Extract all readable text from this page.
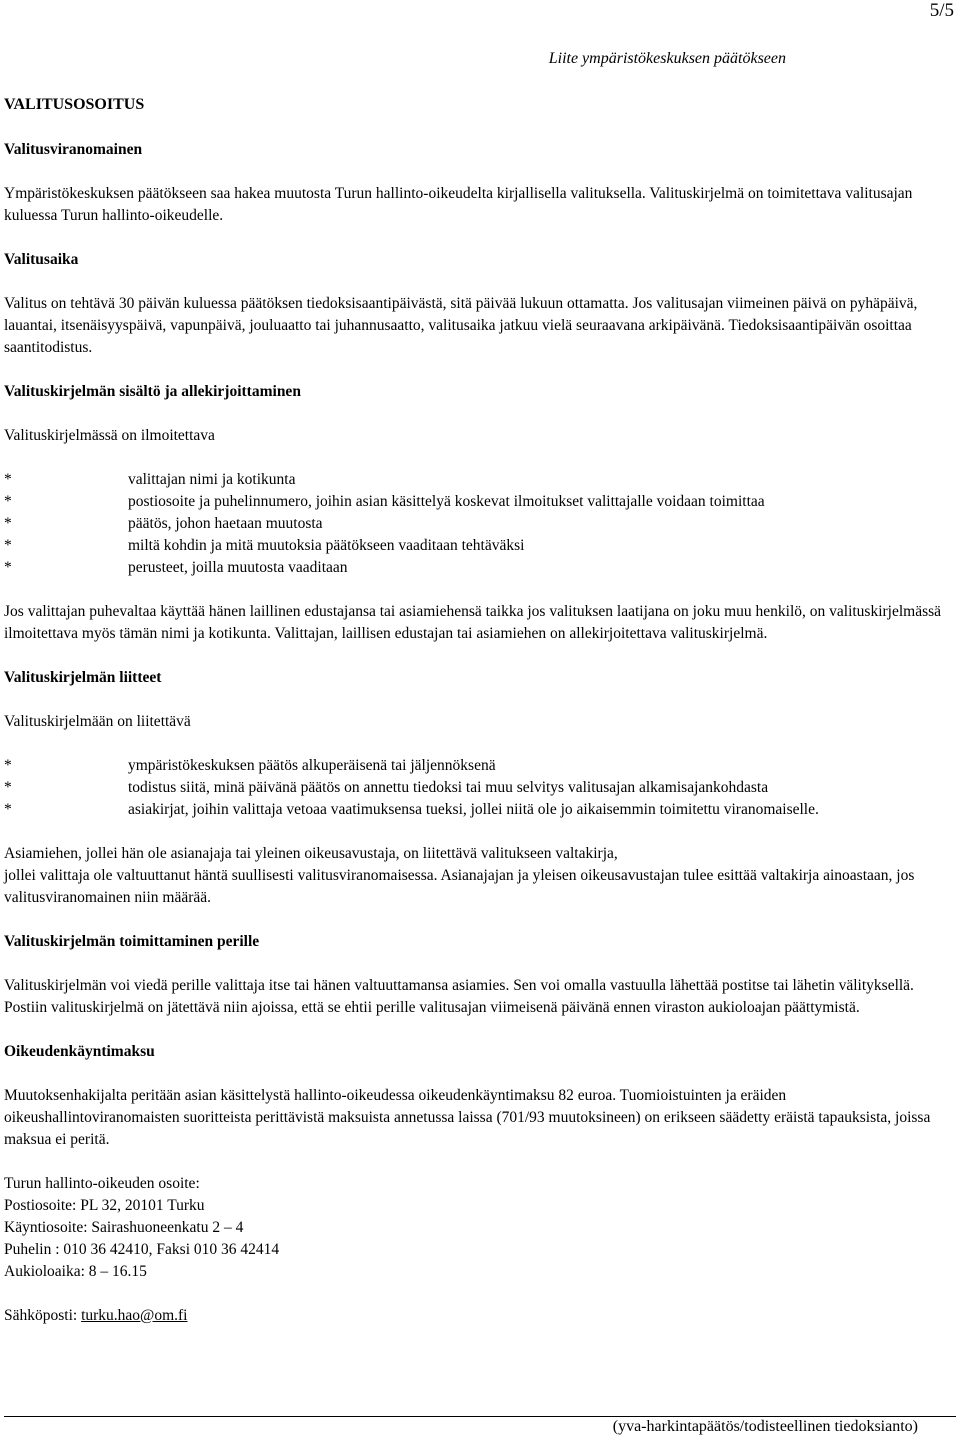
5/5
Liite ympäristökeskuksen päätökseen
VALITUSOSOITUS
Valitusviranomainen

Ympäristökeskuksen päätökseen saa hakea muutosta Turun hallinto-oikeudelta kirjallisella valituksella. Valituskirjelmä on toimitettava valitusajan kuluessa Turun hallinto-oikeudelle.

Valitusaika

Valitus on tehtävä 30 päivän kuluessa päätöksen tiedoksisaantipäivästä, sitä päivää lukuun ottamatta. Jos valitusajan viimeinen päivä on pyhäpäivä, lauantai, itsenäisyyspäivä, vapunpäivä, jouluaatto tai juhannusaatto, valitusaika jatkuu vielä seuraavana arkipäivänä. Tiedoksisaantipäivän osoittaa saantitodistus.

Valituskirjelmän sisältö ja allekirjoittaminen

Valituskirjelmässä on ilmoitettava

*	valittajan nimi ja kotikunta
*	postiosoite ja puhelinnumero, joihin asian käsittelyä koskevat ilmoitukset valittajalle voidaan toimittaa
*	päätös, johon haetaan muutosta
*	miltä kohdin ja mitä muutoksia päätökseen vaaditaan tehtäväksi
*	perusteet, joilla muutosta vaaditaan

Jos valittajan puhevaltaa käyttää hänen laillinen edustajansa tai asiamiehensä taikka jos valituksen laatijana on joku muu henkilö, on valituskirjelmässä ilmoitettava myös tämän nimi ja kotikunta. Valittajan, laillisen edustajan tai asiamiehen on allekirjoitettava valituskirjelmä.

Valituskirjelmän liitteet

Valituskirjelmään on liitettävä

*	ympäristökeskuksen päätös alkuperäisenä tai jäljennöksenä
*	todistus siitä, minä päivänä päätös on annettu tiedoksi tai muu selvitys valitusajan alkamisajankohdasta
*	asiakirjat, joihin valittaja vetoaa vaatimuksensa tueksi, jollei niitä ole jo aikaisemmin toimitettu viranomaiselle.

Asiamiehen, jollei hän ole asianajaja tai yleinen oikeusavustaja, on liitettävä valitukseen valtakirja,
jollei valittaja ole valtuuttanut häntä suullisesti valitusviranomaisessa. Asianajajan ja yleisen oikeusavustajan tulee esittää valtakirja ainoastaan, jos valitusviranomainen niin määrää.

Valituskirjelmän toimittaminen perille

Valituskirjelmän voi viedä perille valittaja itse tai hänen valtuuttamansa asiamies. Sen voi omalla vastuulla lähettää postitse tai lähetin välityksellä. Postiin valituskirjelmä on jätettävä niin ajoissa, että se ehtii perille valitusajan viimeisenä päivänä ennen viraston aukioloajan päättymistä.

Oikeudenkäyntimaksu

Muutoksenhakijalta peritään asian käsittelystä hallinto-oikeudessa oikeudenkäyntimaksu 82 euroa. Tuomioistuinten ja eräiden oikeushallintoviranomaisten suoritteista perittävistä maksuista annetussa laissa (701/93 muutoksineen) on erikseen säädetty eräistä tapauksista, joissa maksua ei peritä.

Turun hallinto-oikeuden osoite:
Postiosoite: PL 32, 20101 Turku
Käyntiosoite: Sairashuoneenkatu 2 – 4
Puhelin : 010 36 42410, Faksi 010 36 42414
Aukioloaika: 8 – 16.15
Sähköposti: turku.hao@om.fi
(yva-harkintapäätös/todisteellinen tiedoksianto)
